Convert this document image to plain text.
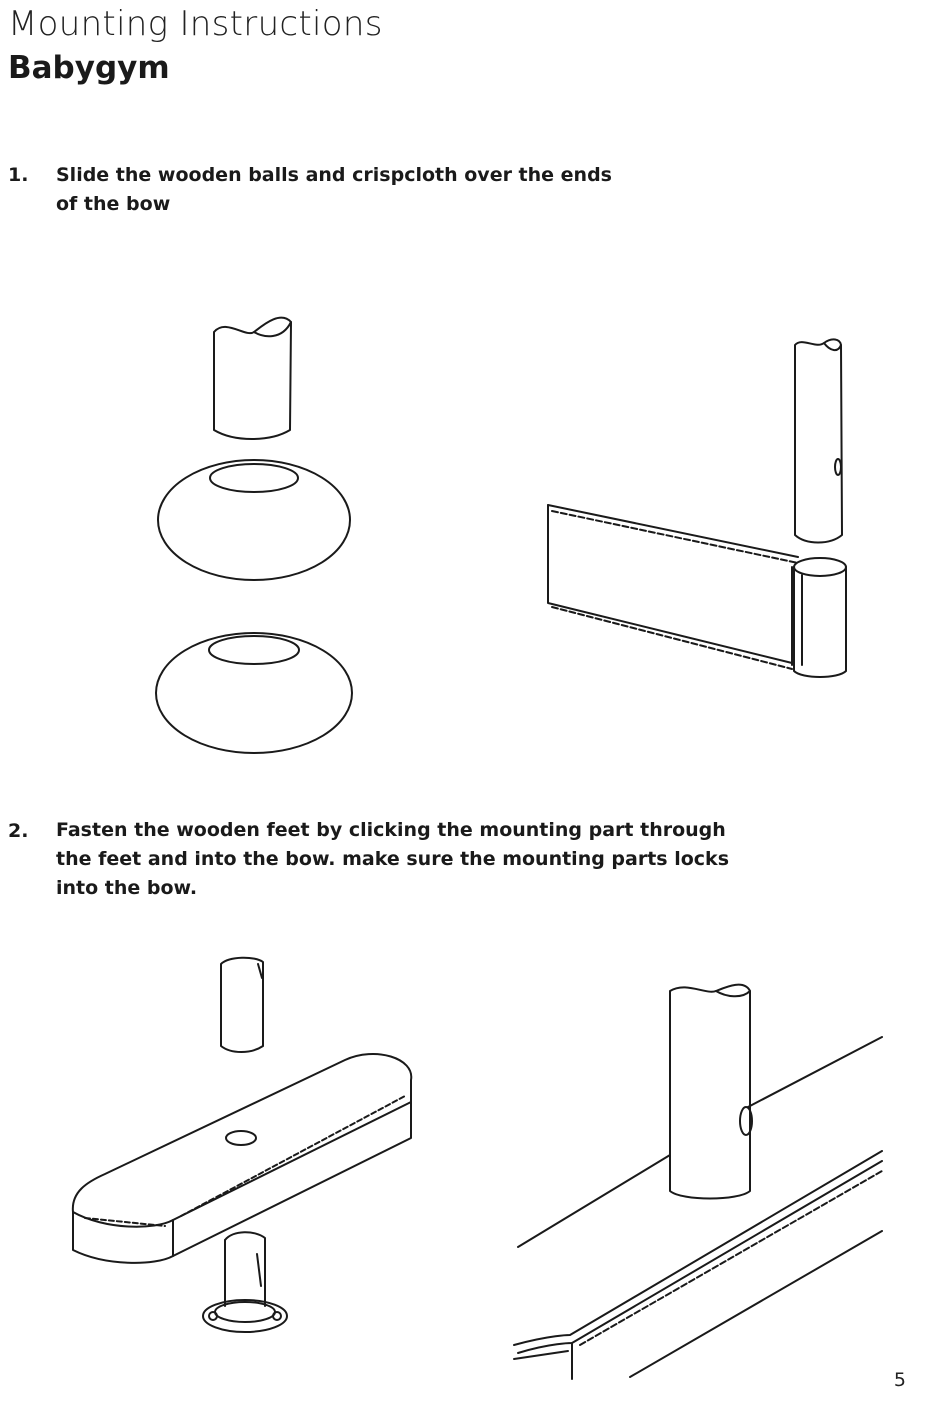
Mounting Instructions
Babygym
1. Slide the wooden balls and crispcloth over the ends
of the bow
2. Fasten the wooden feet by clicking the mounting part through
the feet and into the bow. make sure the mounting parts locks
into the bow.
5
